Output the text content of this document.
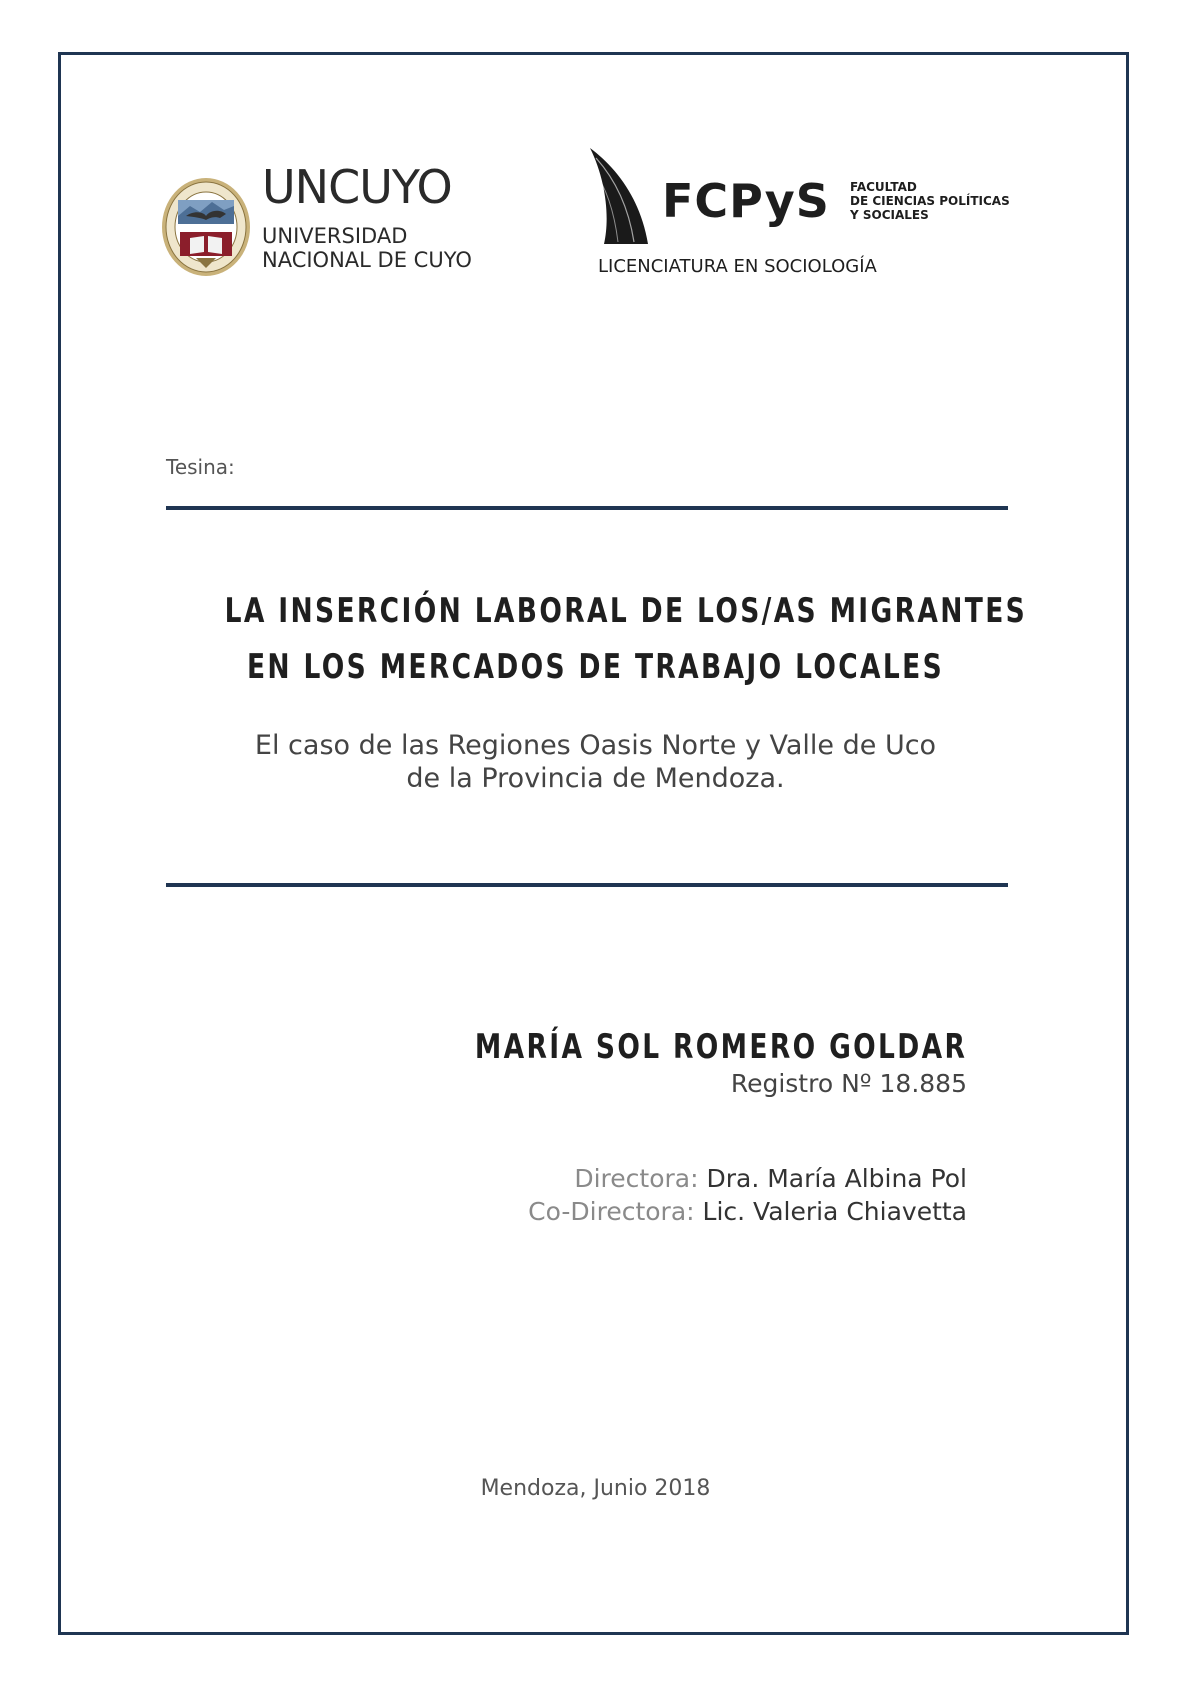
UNCUYO
UNIVERSIDAD
NACIONAL DE CUYO
FCPyS FACULTAD
DE CIENCIAS POLÍTICAS
Y SOCIALES
LICENCIATURA EN SOCIOLOGÍA
Tesina:
LA INSERCIÓN LABORAL DE LOS/AS MIGRANTES
EN LOS MERCADOS DE TRABAJO LOCALES
El caso de las Regiones Oasis Norte y Valle de Uco
de la Provincia de Mendoza.
MARÍA SOL ROMERO GOLDAR
Registro Nº 18.885
Directora: Dra. María Albina Pol
Co-Directora: Lic. Valeria Chiavetta
Mendoza, Junio 2018
